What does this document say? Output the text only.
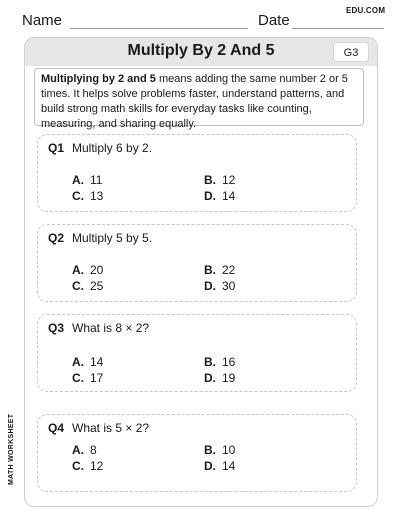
Name	Date
EDU.COM
Multiply By 2 And 5	G3
Multiplying by 2 and 5 means adding the same number 2 or 5 times. It helps solve problems faster, understand patterns, and build strong math skills for everyday tasks like counting, measuring, and sharing equally.
Q1 Multiply 6 by 2.
A. 11	B. 12
C. 13	D. 14
Q2 Multiply 5 by 5.
A. 20	B. 22
C. 25	D. 30
Q3 What is 8 × 2?
A. 14	B. 16
C. 17	D. 19
Q4 What is 5 × 2?
A. 8	B. 10
C. 12	D. 14
MATH WORKSHEET
